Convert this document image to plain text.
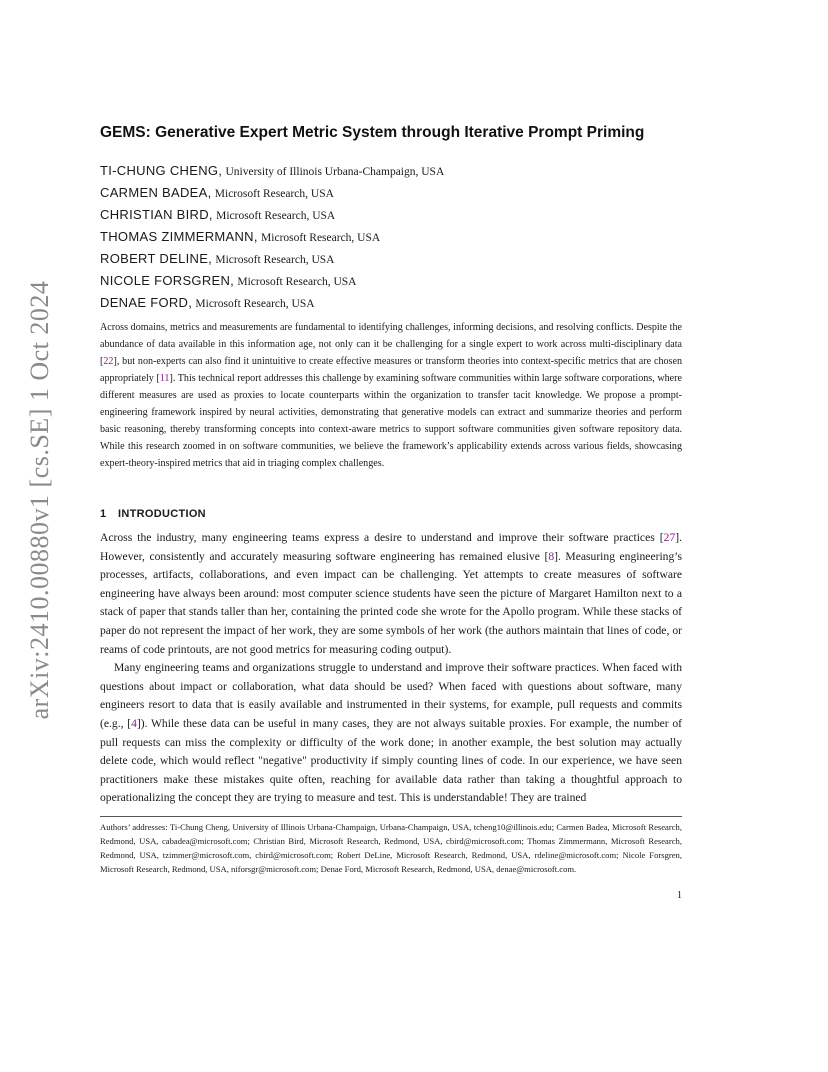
arXiv:2410.00880v1 [cs.SE] 1 Oct 2024
GEMS: Generative Expert Metric System through Iterative Prompt Priming
TI-CHUNG CHENG, University of Illinois Urbana-Champaign, USA
CARMEN BADEA, Microsoft Research, USA
CHRISTIAN BIRD, Microsoft Research, USA
THOMAS ZIMMERMANN, Microsoft Research, USA
ROBERT DELINE, Microsoft Research, USA
NICOLE FORSGREN, Microsoft Research, USA
DENAE FORD, Microsoft Research, USA

Across domains, metrics and measurements are fundamental to identifying challenges, informing decisions, and resolving conflicts. Despite the abundance of data available in this information age, not only can it be challenging for a single expert to work across multi-disciplinary data [22], but non-experts can also find it unintuitive to create effective measures or transform theories into context-specific metrics that are chosen appropriately [11]. This technical report addresses this challenge by examining software communities within large software corporations, where different measures are used as proxies to locate counterparts within the organization to transfer tacit knowledge. We propose a prompt-engineering framework inspired by neural activities, demonstrating that generative models can extract and summarize theories and perform basic reasoning, thereby transforming concepts into context-aware metrics to support software communities given software repository data. While this research zoomed in on software communities, we believe the framework’s applicability extends across various fields, showcasing expert-theory-inspired metrics that aid in triaging complex challenges.

1 INTRODUCTION

Across the industry, many engineering teams express a desire to understand and improve their software practices [27]. However, consistently and accurately measuring software engineering has remained elusive [8]. Measuring engineering’s processes, artifacts, collaborations, and even impact can be challenging. Yet attempts to create measures of software engineering have always been around: most computer science students have seen the picture of Margaret Hamilton next to a stack of paper that stands taller than her, containing the printed code she wrote for the Apollo program. While these stacks of paper do not represent the impact of her work, they are some symbols of her work (the authors maintain that lines of code, or reams of code printouts, are not good metrics for measuring coding output).

Many engineering teams and organizations struggle to understand and improve their software practices. When faced with questions about impact or collaboration, what data should be used? When faced with questions about software, many engineers resort to data that is easily available and instrumented in their systems, for example, pull requests and commits (e.g., [4]). While these data can be useful in many cases, they are not always suitable proxies. For example, the number of pull requests can miss the complexity or difficulty of the work done; in another example, the best solution may actually delete code, which would reflect "negative" productivity if simply counting lines of code. In our experience, we have seen practitioners make these mistakes quite often, reaching for available data rather than taking a thoughtful approach to operationalizing the concept they are trying to measure and test. This is understandable! They are trained

Authors’ addresses: Ti-Chung Cheng, University of Illinois Urbana-Champaign, Urbana-Champaign, USA, tcheng10@illinois.edu; Carmen Badea, Microsoft Research, Redmond, USA, cabadea@microsoft.com; Christian Bird, Microsoft Research, Redmond, USA, cbird@microsoft.com; Thomas Zimmermann, Microsoft Research, Redmond, USA, tzimmer@microsoft.com, cbird@microsoft.com; Robert DeLine, Microsoft Research, Redmond, USA, rdeline@microsoft.com; Nicole Forsgren, Microsoft Research, Redmond, USA, niforsgr@microsoft.com; Denae Ford, Microsoft Research, Redmond, USA, denae@microsoft.com.

1
